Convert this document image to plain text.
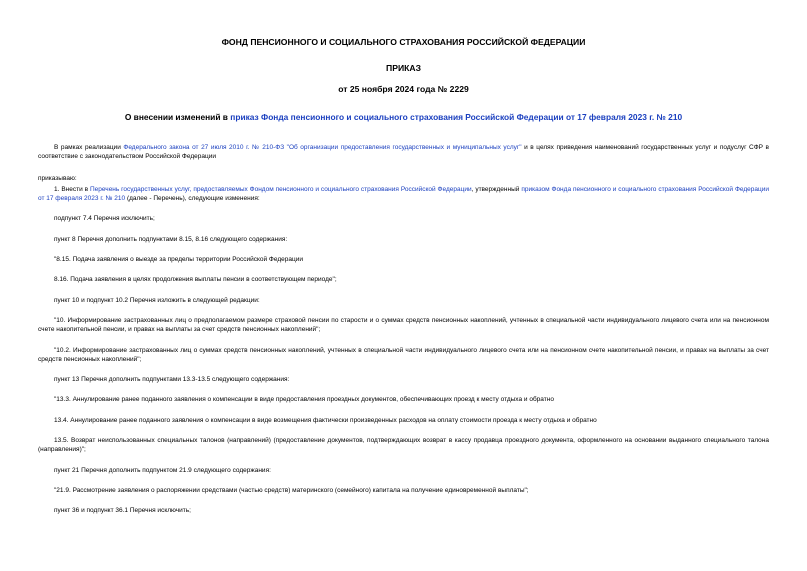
ФОНД ПЕНСИОННОГО И СОЦИАЛЬНОГО СТРАХОВАНИЯ РОССИЙСКОЙ ФЕДЕРАЦИИ
ПРИКАЗ
от 25 ноября 2024 года № 2229
О внесении изменений в приказ Фонда пенсионного и социального страхования Российской Федерации от 17 февраля 2023 г. № 210

В рамках реализации Федерального закона от 27 июля 2010 г. № 210-ФЗ "Об организации предоставления государственных и муниципальных услуг" и в целях приведения наименований государственных услуг и подуслуг СФР в соответствие с законодательством Российской Федерации

приказываю:

1. Внести в Перечень государственных услуг, предоставляемых Фондом пенсионного и социального страхования Российской Федерации, утвержденный приказом Фонда пенсионного и социального страхования Российской Федерации от 17 февраля 2023 г. № 210 (далее - Перечень), следующие изменения:

подпункт 7.4 Перечня исключить;

пункт 8 Перечня дополнить подпунктами 8.15, 8.16 следующего содержания:

"8.15. Подача заявления о выезде за пределы территории Российской Федерации

8.16. Подача заявления в целях продолжения выплаты пенсии в соответствующем периоде";

пункт 10 и подпункт 10.2 Перечня изложить в следующей редакции:

"10. Информирование застрахованных лиц о предполагаемом размере страховой пенсии по старости и о суммах средств пенсионных накоплений, учтенных в специальной части индивидуального лицевого счета или на пенсионном счете накопительной пенсии, и правах на выплаты за счет средств пенсионных накоплений";

"10.2. Информирование застрахованных лиц о суммах средств пенсионных накоплений, учтенных в специальной части индивидуального лицевого счета или на пенсионном счете накопительной пенсии, и правах на выплаты за счет средств пенсионных накоплений";

пункт 13 Перечня дополнить подпунктами 13.3-13.5 следующего содержания:

"13.3. Аннулирование ранее поданного заявления о компенсации в виде предоставления проездных документов, обеспечивающих проезд к месту отдыха и обратно

13.4. Аннулирование ранее поданного заявления о компенсации в виде возмещения фактически произведенных расходов на оплату стоимости проезда к месту отдыха и обратно

13.5. Возврат неиспользованных специальных талонов (направлений) (предоставление документов, подтверждающих возврат в кассу продавца проездного документа, оформленного на основании выданного специального талона (направления)";

пункт 21 Перечня дополнить подпунктом 21.9 следующего содержания:

"21.9. Рассмотрение заявления о распоряжении средствами (частью средств) материнского (семейного) капитала на получение единовременной выплаты";

пункт 36 и подпункт 36.1 Перечня исключить;
